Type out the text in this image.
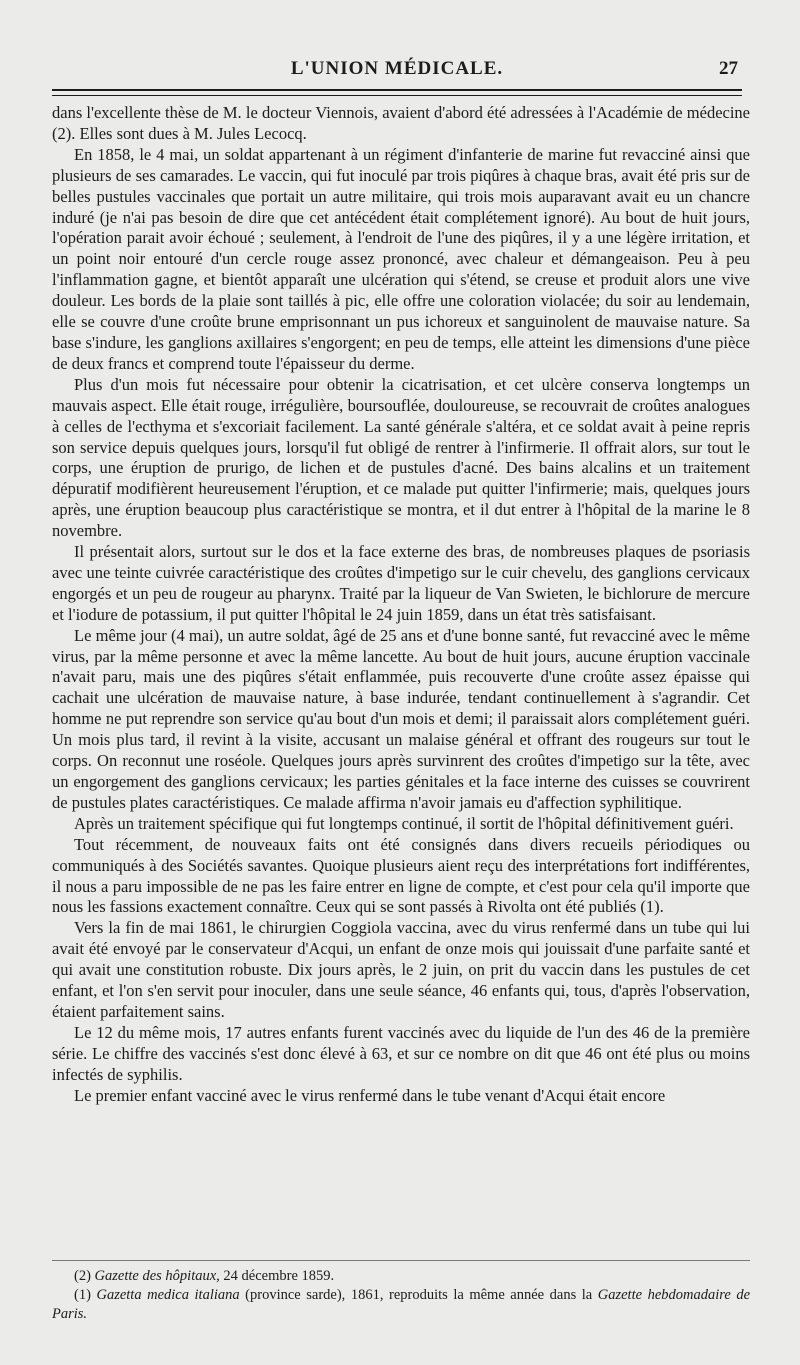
L'UNION MÉDICALE.	27

dans l'excellente thèse de M. le docteur Viennois, avaient d'abord été adressées à l'Académie de médecine (2). Elles sont dues à M. Jules Lecocq.

En 1858, le 4 mai, un soldat appartenant à un régiment d'infanterie de marine fut revacciné ainsi que plusieurs de ses camarades. Le vaccin, qui fut inoculé par trois piqûres à chaque bras, avait été pris sur de belles pustules vaccinales que portait un autre militaire, qui trois mois auparavant avait eu un chancre induré (je n'ai pas besoin de dire que cet antécédent était complétement ignoré). Au bout de huit jours, l'opération parait avoir échoué ; seulement, à l'endroit de l'une des piqûres, il y a une légère irritation, et un point noir entouré d'un cercle rouge assez prononcé, avec chaleur et démangeaison. Peu à peu l'inflammation gagne, et bientôt apparaît une ulcération qui s'étend, se creuse et produit alors une vive douleur. Les bords de la plaie sont taillés à pic, elle offre une coloration violacée; du soir au lendemain, elle se couvre d'une croûte brune emprisonnant un pus ichoreux et sanguinolent de mauvaise nature. Sa base s'indure, les ganglions axillaires s'engorgent; en peu de temps, elle atteint les dimensions d'une pièce de deux francs et comprend toute l'épaisseur du derme.

Plus d'un mois fut nécessaire pour obtenir la cicatrisation, et cet ulcère conserva longtemps un mauvais aspect. Elle était rouge, irrégulière, boursouflée, douloureuse, se recouvrait de croûtes analogues à celles de l'ecthyma et s'excoriait facilement. La santé générale s'altéra, et ce soldat avait à peine repris son service depuis quelques jours, lorsqu'il fut obligé de rentrer à l'infirmerie. Il offrait alors, sur tout le corps, une éruption de prurigo, de lichen et de pustules d'acné. Des bains alcalins et un traitement dépuratif modifièrent heureusement l'éruption, et ce malade put quitter l'infirmerie; mais, quelques jours après, une éruption beaucoup plus caractéristique se montra, et il dut entrer à l'hôpital de la marine le 8 novembre.

Il présentait alors, surtout sur le dos et la face externe des bras, de nombreuses plaques de psoriasis avec une teinte cuivrée caractéristique des croûtes d'impetigo sur le cuir chevelu, des ganglions cervicaux engorgés et un peu de rougeur au pharynx. Traité par la liqueur de Van Swieten, le bichlorure de mercure et l'iodure de potassium, il put quitter l'hôpital le 24 juin 1859, dans un état très satisfaisant.

Le même jour (4 mai), un autre soldat, âgé de 25 ans et d'une bonne santé, fut revacciné avec le même virus, par la même personne et avec la même lancette. Au bout de huit jours, aucune éruption vaccinale n'avait paru, mais une des piqûres s'était enflammée, puis recouverte d'une croûte assez épaisse qui cachait une ulcération de mauvaise nature, à base indurée, tendant continuellement à s'agrandir. Cet homme ne put reprendre son service qu'au bout d'un mois et demi; il paraissait alors complétement guéri. Un mois plus tard, il revint à la visite, accusant un malaise général et offrant des rougeurs sur tout le corps. On reconnut une roséole. Quelques jours après survinrent des croûtes d'impetigo sur la tête, avec un engorgement des ganglions cervicaux; les parties génitales et la face interne des cuisses se couvrirent de pustules plates caractéristiques. Ce malade affirma n'avoir jamais eu d'affection syphilitique.

Après un traitement spécifique qui fut longtemps continué, il sortit de l'hôpital définitivement guéri.

Tout récemment, de nouveaux faits ont été consignés dans divers recueils périodiques ou communiqués à des Sociétés savantes. Quoique plusieurs aient reçu des interprétations fort indifférentes, il nous a paru impossible de ne pas les faire entrer en ligne de compte, et c'est pour cela qu'il importe que nous les fassions exactement connaître. Ceux qui se sont passés à Rivolta ont été publiés (1).

Vers la fin de mai 1861, le chirurgien Coggiola vaccina, avec du virus renfermé dans un tube qui lui avait été envoyé par le conservateur d'Acqui, un enfant de onze mois qui jouissait d'une parfaite santé et qui avait une constitution robuste. Dix jours après, le 2 juin, on prit du vaccin dans les pustules de cet enfant, et l'on s'en servit pour inoculer, dans une seule séance, 46 enfants qui, tous, d'après l'observation, étaient parfaitement sains.

Le 12 du même mois, 17 autres enfants furent vaccinés avec du liquide de l'un des 46 de la première série. Le chiffre des vaccinés s'est donc élevé à 63, et sur ce nombre on dit que 46 ont été plus ou moins infectés de syphilis.

Le premier enfant vacciné avec le virus renfermé dans le tube venant d'Acqui était encore

(2) Gazette des hôpitaux, 24 décembre 1859.

(1) Gazetta medica italiana (province sarde), 1861, reproduits la même année dans la Gazette hebdomadaire de Paris.
